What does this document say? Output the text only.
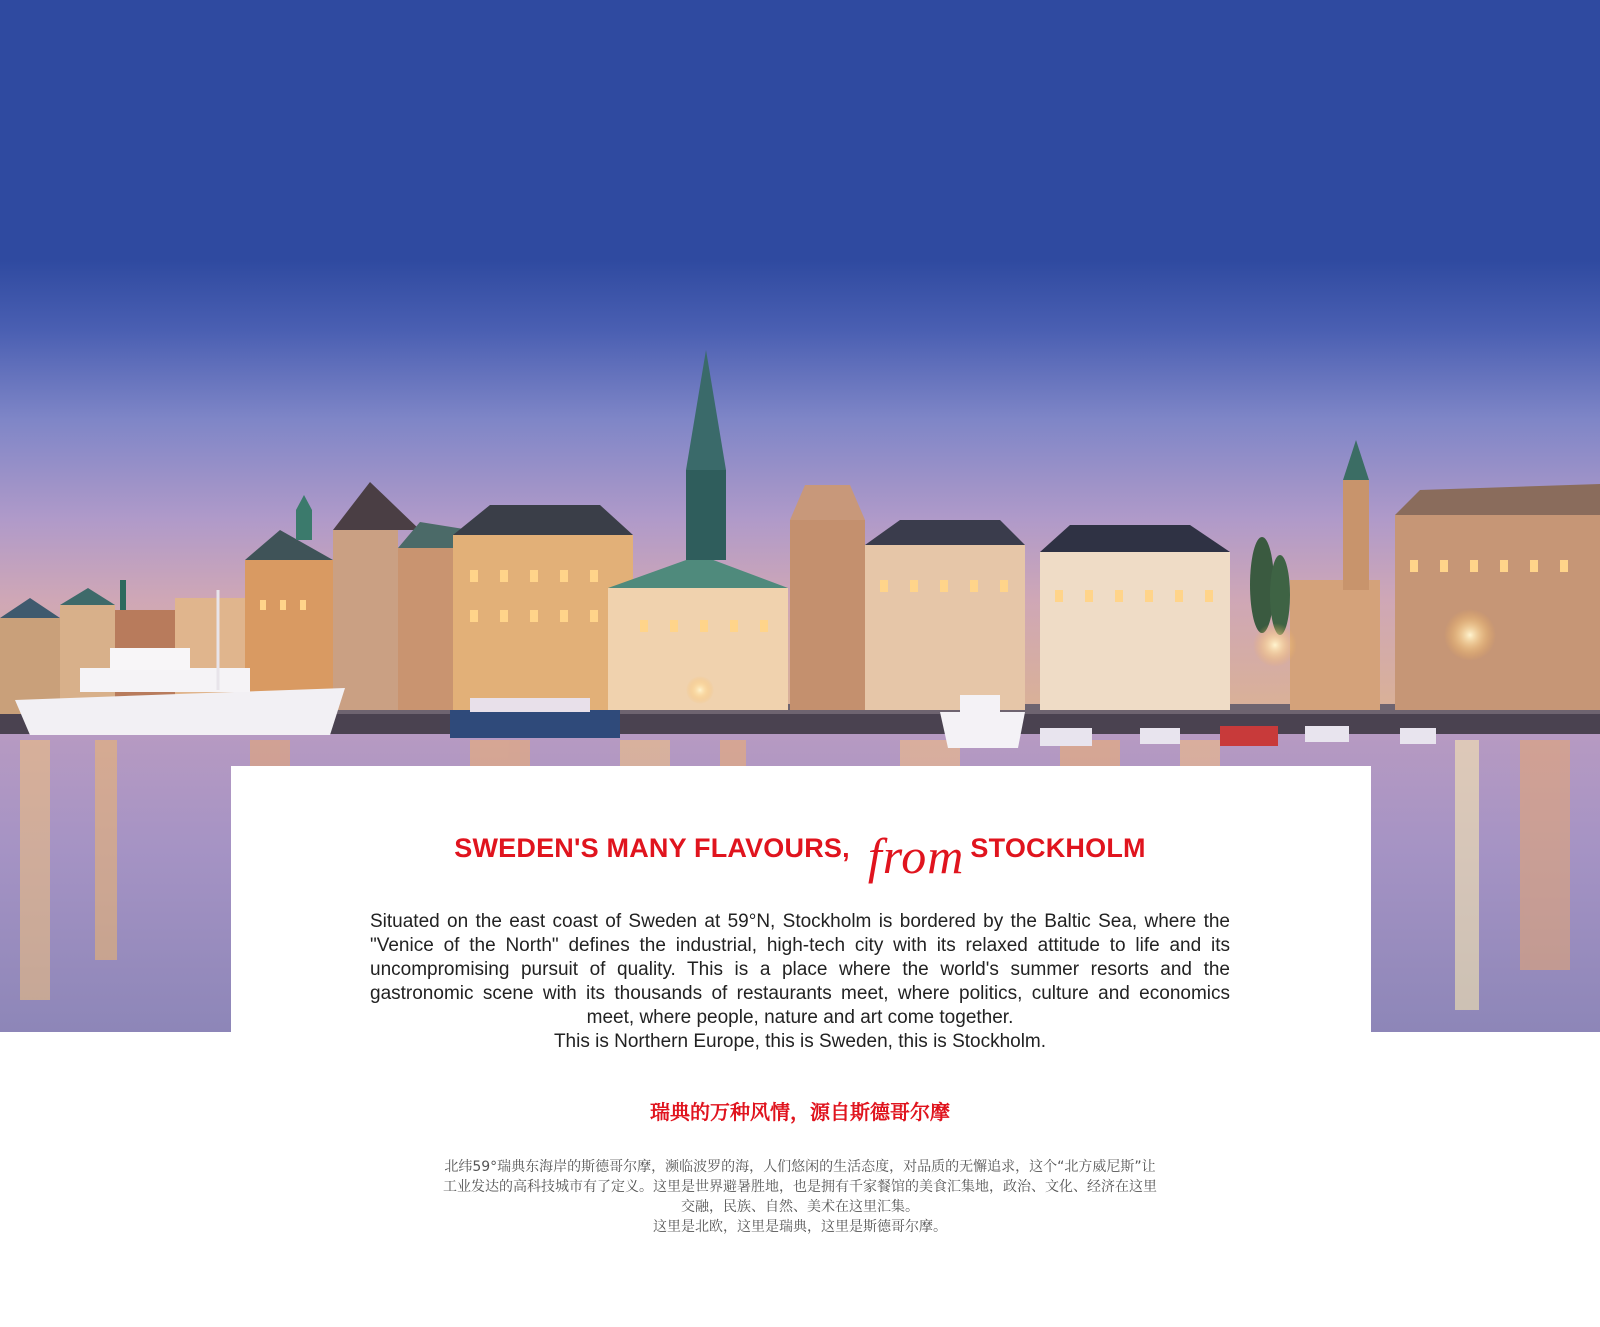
SWEDEN'S MANY FLAVOURS, from STOCKHOLM

Situated on the east coast of Sweden at 59°N, Stockholm is bordered by the Baltic Sea, where the "Venice of the North" defines the industrial, high-tech city with its relaxed attitude to life and its uncompromising pursuit of quality. This is a place where the world's summer resorts and the gastronomic scene with its thousands of restaurants meet, where politics, culture and economics meet, where people, nature and art come together.

This is Northern Europe, this is Sweden, this is Stockholm.

瑞典的万种风情，源自斯德哥尔摩

北纬59°瑞典东海岸的斯德哥尔摩，濒临波罗的海，人们悠闲的生活态度，对品质的无懈追求，这个“北方威尼斯”让工业发达的高科技城市有了定义。这里是世界避暑胜地，也是拥有千家餐馆的美食汇集地，政治、文化、经济在这里交融，民族、自然、美术在这里汇集。

这里是北欧，这里是瑞典，这里是斯德哥尔摩。
